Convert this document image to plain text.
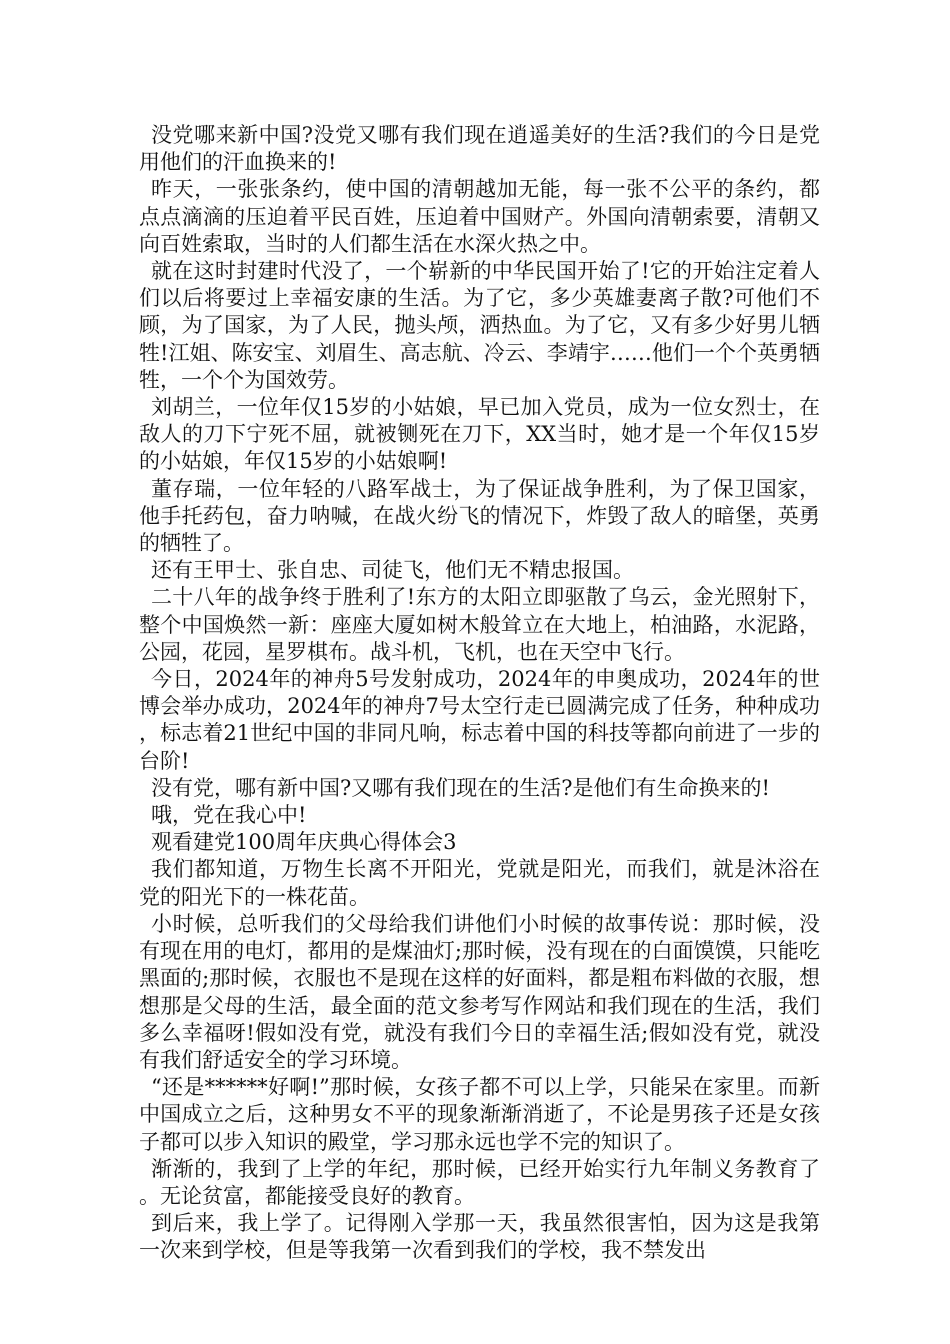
没党哪来新中国?没党又哪有我们现在逍遥美好的生活?我们的今日是党用他们的汗血换来的!

昨天，一张张条约，使中国的清朝越加无能，每一张不公平的条约，都点点滴滴的压迫着平民百姓，压迫着中国财产。外国向清朝索要，清朝又向百姓索取，当时的人们都生活在水深火热之中。

就在这时封建时代没了，一个崭新的中华民国开始了!它的开始注定着人们以后将要过上幸福安康的生活。为了它，多少英雄妻离子散?可他们不顾，为了国家，为了人民，抛头颅，洒热血。为了它，又有多少好男儿牺牲!江姐、陈安宝、刘眉生、高志航、冷云、李靖宇……他们一个个英勇牺牲，一个个为国效劳。

刘胡兰，一位年仅15岁的小姑娘，早已加入党员，成为一位女烈士，在敌人的刀下宁死不屈，就被铡死在刀下，XX当时，她才是一个年仅15岁的小姑娘，年仅15岁的小姑娘啊!

董存瑞，一位年轻的八路军战士，为了保证战争胜利，为了保卫国家，他手托药包，奋力呐喊，在战火纷飞的情况下，炸毁了敌人的暗堡，英勇的牺牲了。

还有王甲士、张自忠、司徒飞，他们无不精忠报国。

二十八年的战争终于胜利了!东方的太阳立即驱散了乌云，金光照射下，整个中国焕然一新：座座大厦如树木般耸立在大地上，柏油路，水泥路，公园，花园，星罗棋布。战斗机，飞机，也在天空中飞行。

今日，2024年的神舟5号发射成功，2024年的申奥成功，2024年的世博会举办成功，2024年的神舟7号太空行走已圆满完成了任务，种种成功，标志着21世纪中国的非同凡响，标志着中国的科技等都向前进了一步的台阶!

没有党，哪有新中国?又哪有我们现在的生活?是他们有生命换来的!

哦，党在我心中!

观看建党100周年庆典心得体会3

我们都知道，万物生长离不开阳光，党就是阳光，而我们，就是沐浴在党的阳光下的一株花苗。

小时候，总听我们的父母给我们讲他们小时候的故事传说：那时候，没有现在用的电灯，都用的是煤油灯;那时候，没有现在的白面馍馍，只能吃黑面的;那时候，衣服也不是现在这样的好面料，都是粗布料做的衣服，想想那是父母的生活，最全面的范文参考写作网站和我们现在的生活，我们多么幸福呀!假如没有党，就没有我们今日的幸福生活;假如没有党，就没有我们舒适安全的学习环境。

“还是******好啊!”那时候，女孩子都不可以上学，只能呆在家里。而新中国成立之后，这种男女不平的现象渐渐消逝了，不论是男孩子还是女孩子都可以步入知识的殿堂，学习那永远也学不完的知识了。

渐渐的，我到了上学的年纪，那时候，已经开始实行九年制义务教育了。无论贫富，都能接受良好的教育。

到后来，我上学了。记得刚入学那一天，我虽然很害怕，因为这是我第一次来到学校，但是等我第一次看到我们的学校，我不禁发出
